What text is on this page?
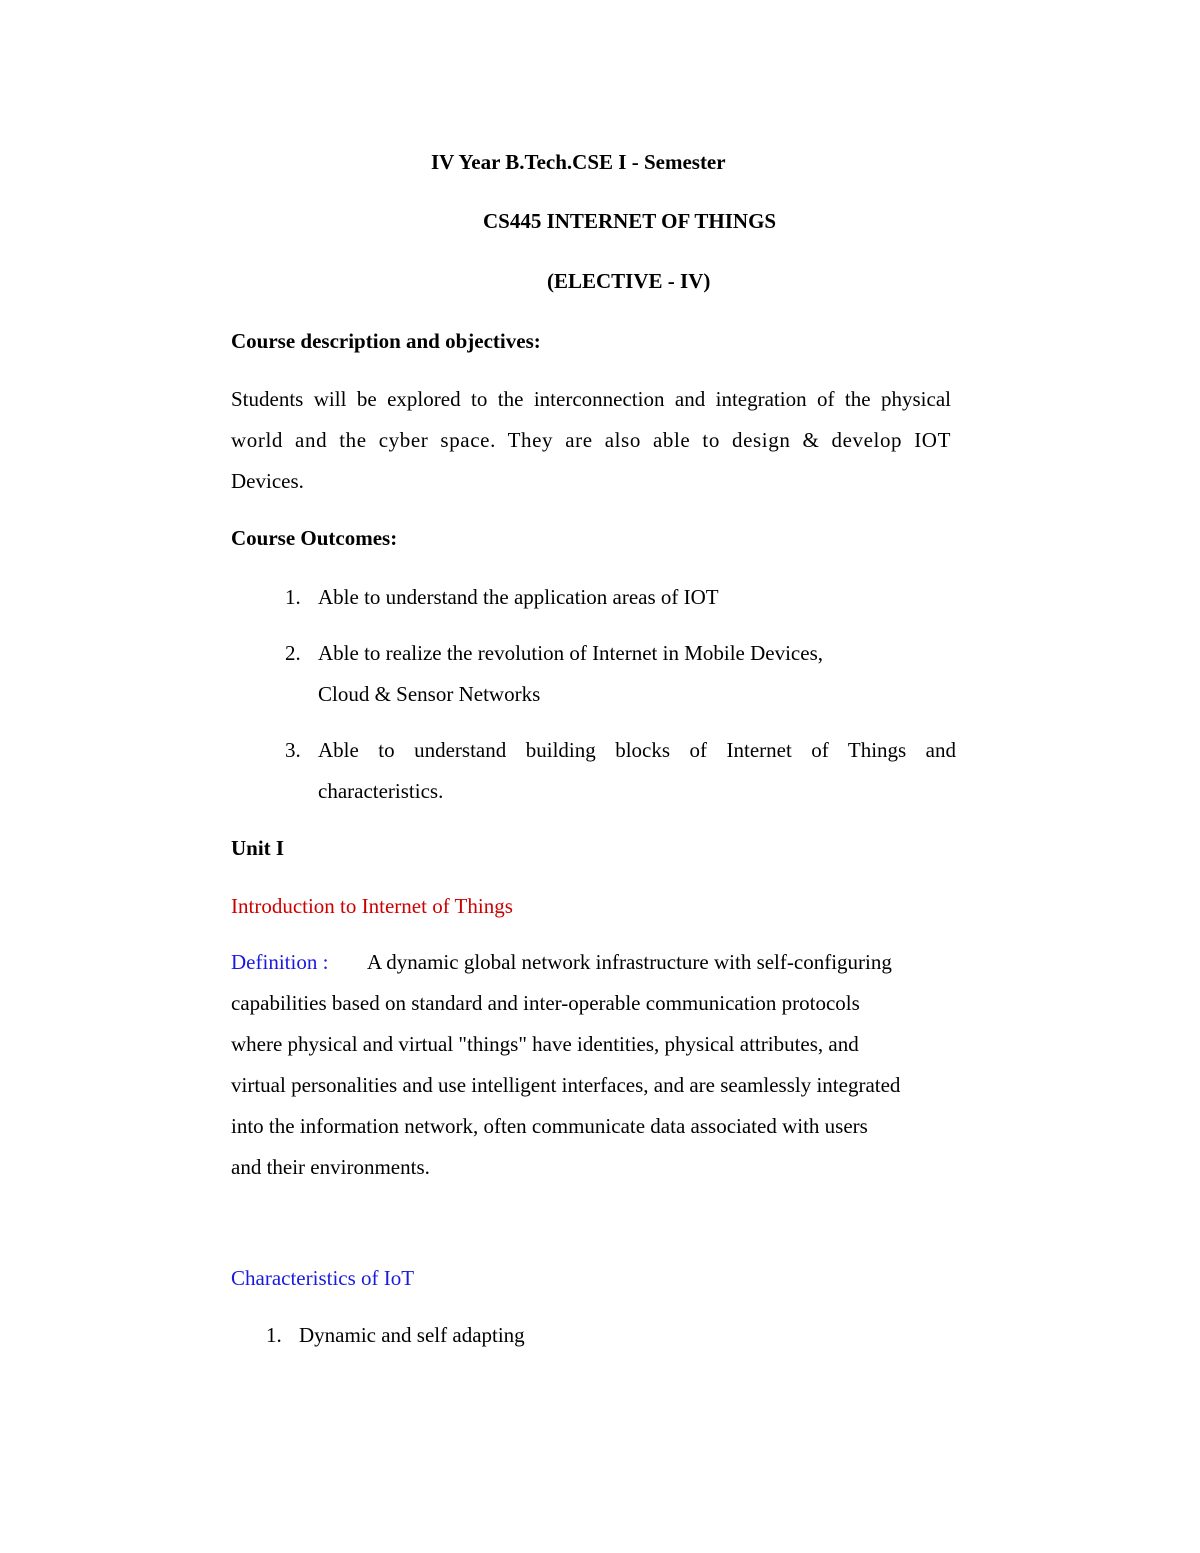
IV Year B.Tech.CSE I - Semester
CS445 INTERNET OF THINGS
(ELECTIVE - IV)
Course description and objectives:
Students will be explored to the interconnection and integration of the physical
world and the cyber space. They are also able to design & develop IOT
Devices.
Course Outcomes:
1. Able to understand the application areas of IOT
2. Able to realize the revolution of Internet in Mobile Devices,
Cloud & Sensor Networks
3. Able to understand building blocks of Internet of Things and
characteristics.
Unit I
Introduction to Internet of Things
Definition : A dynamic global network infrastructure with self-configuring
capabilities based on standard and inter-operable communication protocols
where physical and virtual "things" have identities, physical attributes, and
virtual personalities and use intelligent interfaces, and are seamlessly integrated
into the information network, often communicate data associated with users
and their environments.
Characteristics of IoT
1. Dynamic and self adapting
